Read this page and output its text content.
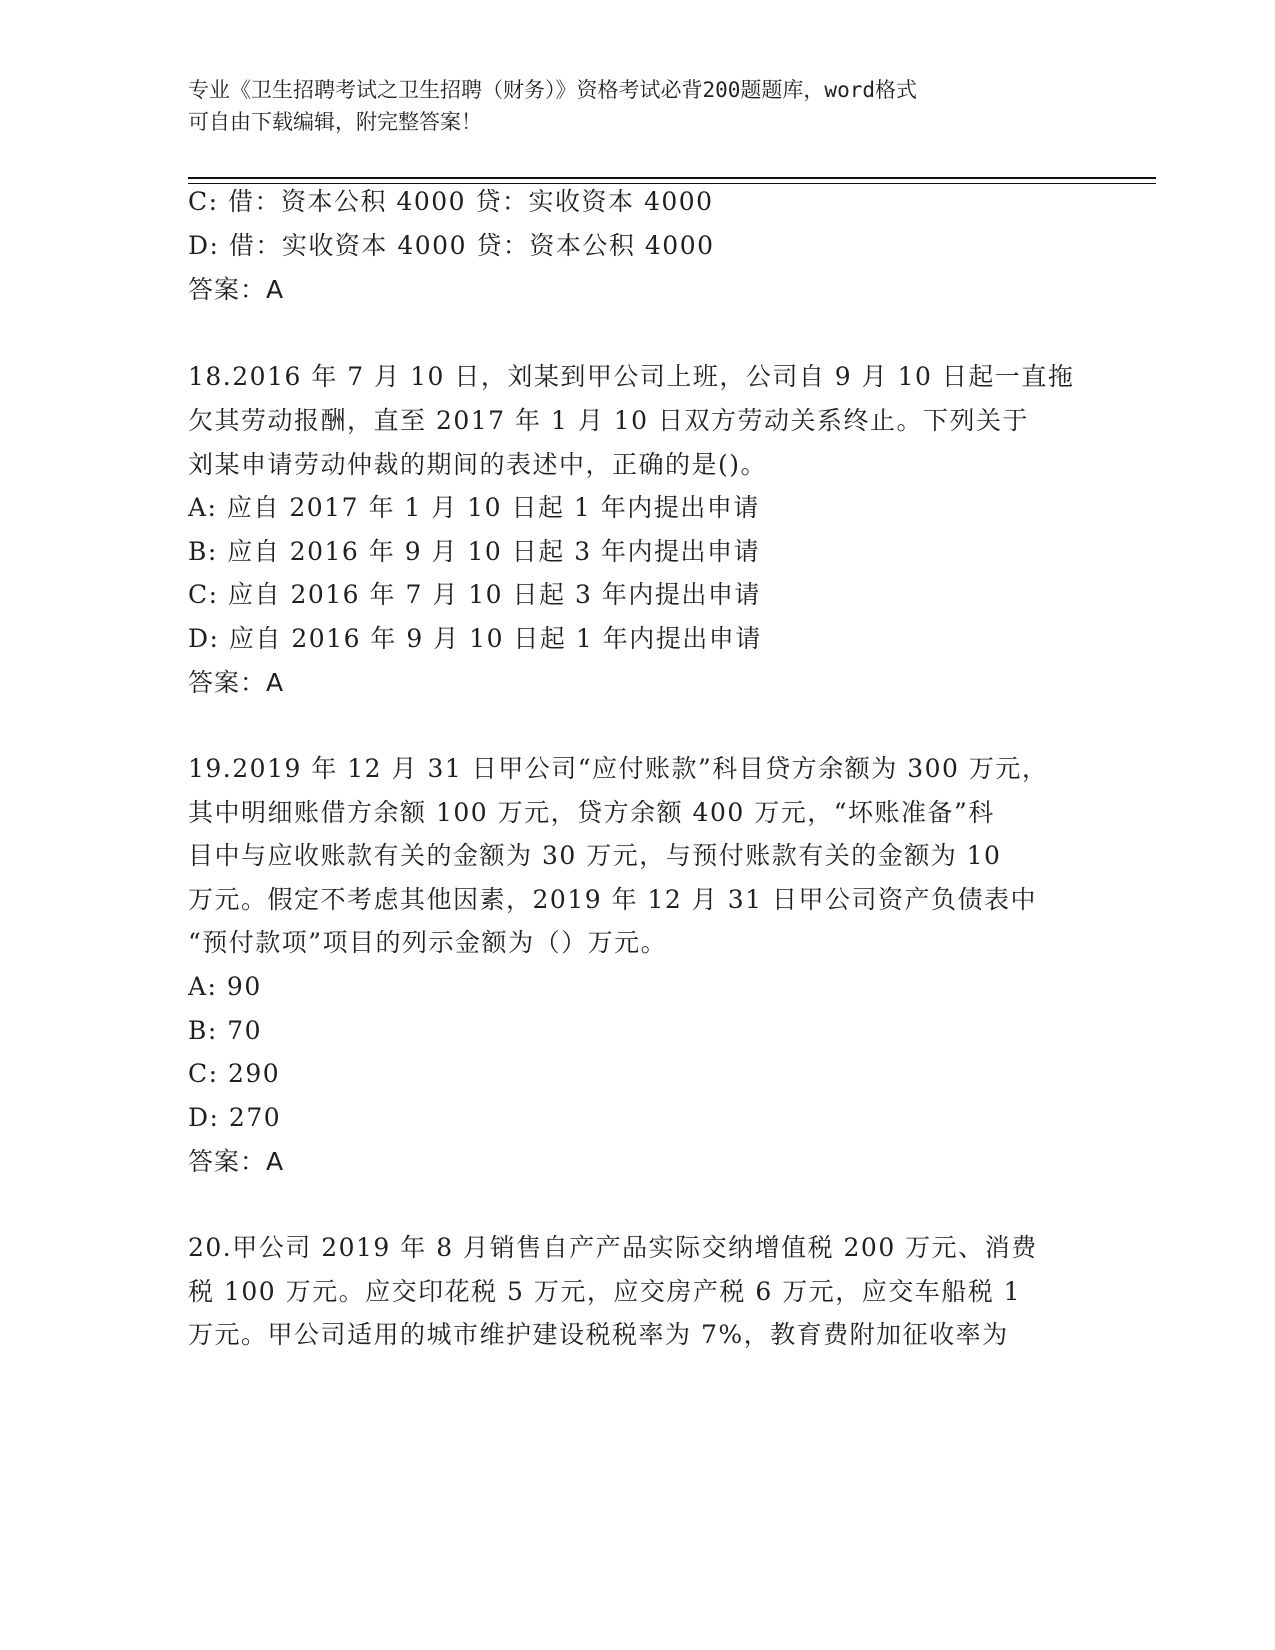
专业《卫生招聘考试之卫生招聘（财务）》资格考试必背200题题库，word格式
可自由下载编辑，附完整答案！
C: 借：资本公积 4000 贷：实收资本 4000
D: 借：实收资本 4000 贷：资本公积 4000
答案：A
18.2016 年 7 月 10 日，刘某到甲公司上班，公司自 9 月 10 日起一直拖
欠其劳动报酬，直至 2017 年 1 月 10 日双方劳动关系终止。下列关于
刘某申请劳动仲裁的期间的表述中，正确的是()。
A: 应自 2017 年 1 月 10 日起 1 年内提出申请
B: 应自 2016 年 9 月 10 日起 3 年内提出申请
C: 应自 2016 年 7 月 10 日起 3 年内提出申请
D: 应自 2016 年 9 月 10 日起 1 年内提出申请
答案：A
19.2019 年 12 月 31 日甲公司“应付账款”科目贷方余额为 300 万元，
其中明细账借方余额 100 万元，贷方余额 400 万元，“坏账准备”科
目中与应收账款有关的金额为 30 万元，与预付账款有关的金额为 10
万元。假定不考虑其他因素，2019 年 12 月 31 日甲公司资产负债表中
“预付款项”项目的列示金额为（）万元。
A: 90
B: 70
C: 290
D: 270
答案：A
20.甲公司 2019 年 8 月销售自产产品实际交纳增值税 200 万元、消费
税 100 万元。应交印花税 5 万元，应交房产税 6 万元，应交车船税 1
万元。甲公司适用的城市维护建设税税率为 7%，教育费附加征收率为
